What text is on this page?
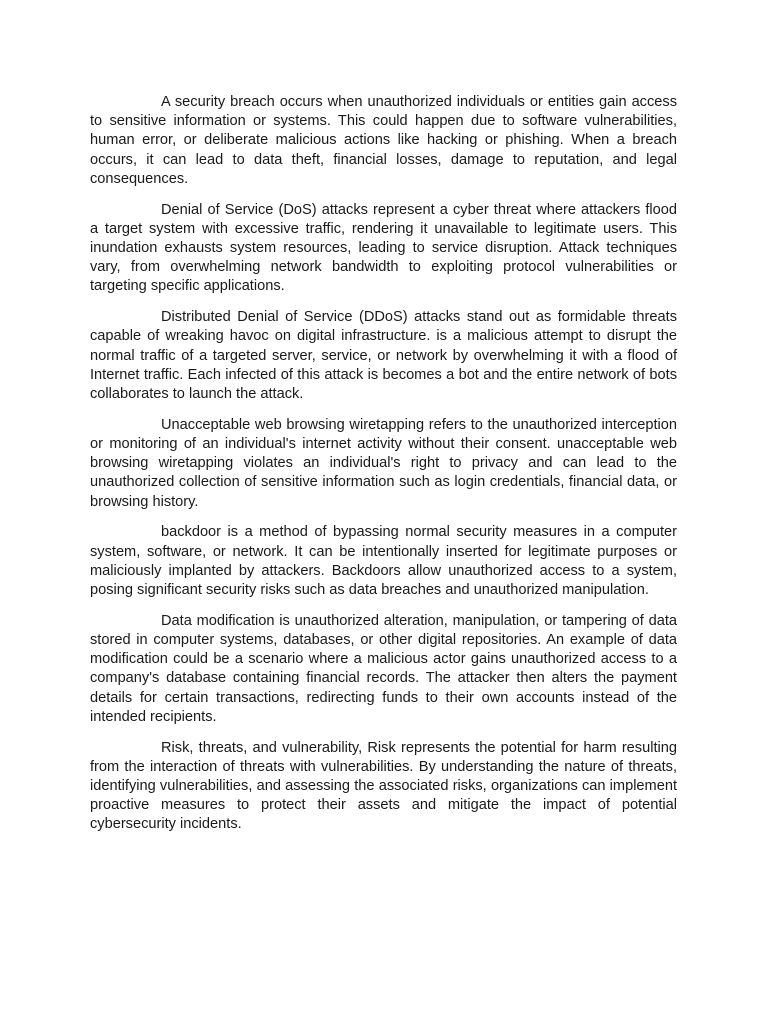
A security breach occurs when unauthorized individuals or entities gain access to sensitive information or systems. This could happen due to software vulnerabilities, human error, or deliberate malicious actions like hacking or phishing. When a breach occurs, it can lead to data theft, financial losses, damage to reputation, and legal consequences.

Denial of Service (DoS) attacks represent a cyber threat where attackers flood a target system with excessive traffic, rendering it unavailable to legitimate users. This inundation exhausts system resources, leading to service disruption. Attack techniques vary, from overwhelming network bandwidth to exploiting protocol vulnerabilities or targeting specific applications.

Distributed Denial of Service (DDoS) attacks stand out as formidable threats capable of wreaking havoc on digital infrastructure. is a malicious attempt to disrupt the normal traffic of a targeted server, service, or network by overwhelming it with a flood of Internet traffic. Each infected of this attack is becomes a bot and the entire network of bots collaborates to launch the attack.

Unacceptable web browsing wiretapping refers to the unauthorized interception or monitoring of an individual's internet activity without their consent. unacceptable web browsing wiretapping violates an individual's right to privacy and can lead to the unauthorized collection of sensitive information such as login credentials, financial data, or browsing history.

backdoor is a method of bypassing normal security measures in a computer system, software, or network. It can be intentionally inserted for legitimate purposes or maliciously implanted by attackers. Backdoors allow unauthorized access to a system, posing significant security risks such as data breaches and unauthorized manipulation.

Data modification is unauthorized alteration, manipulation, or tampering of data stored in computer systems, databases, or other digital repositories. An example of data modification could be a scenario where a malicious actor gains unauthorized access to a company's database containing financial records. The attacker then alters the payment details for certain transactions, redirecting funds to their own accounts instead of the intended recipients.

Risk, threats, and vulnerability, Risk represents the potential for harm resulting from the interaction of threats with vulnerabilities. By understanding the nature of threats, identifying vulnerabilities, and assessing the associated risks, organizations can implement proactive measures to protect their assets and mitigate the impact of potential cybersecurity incidents.
